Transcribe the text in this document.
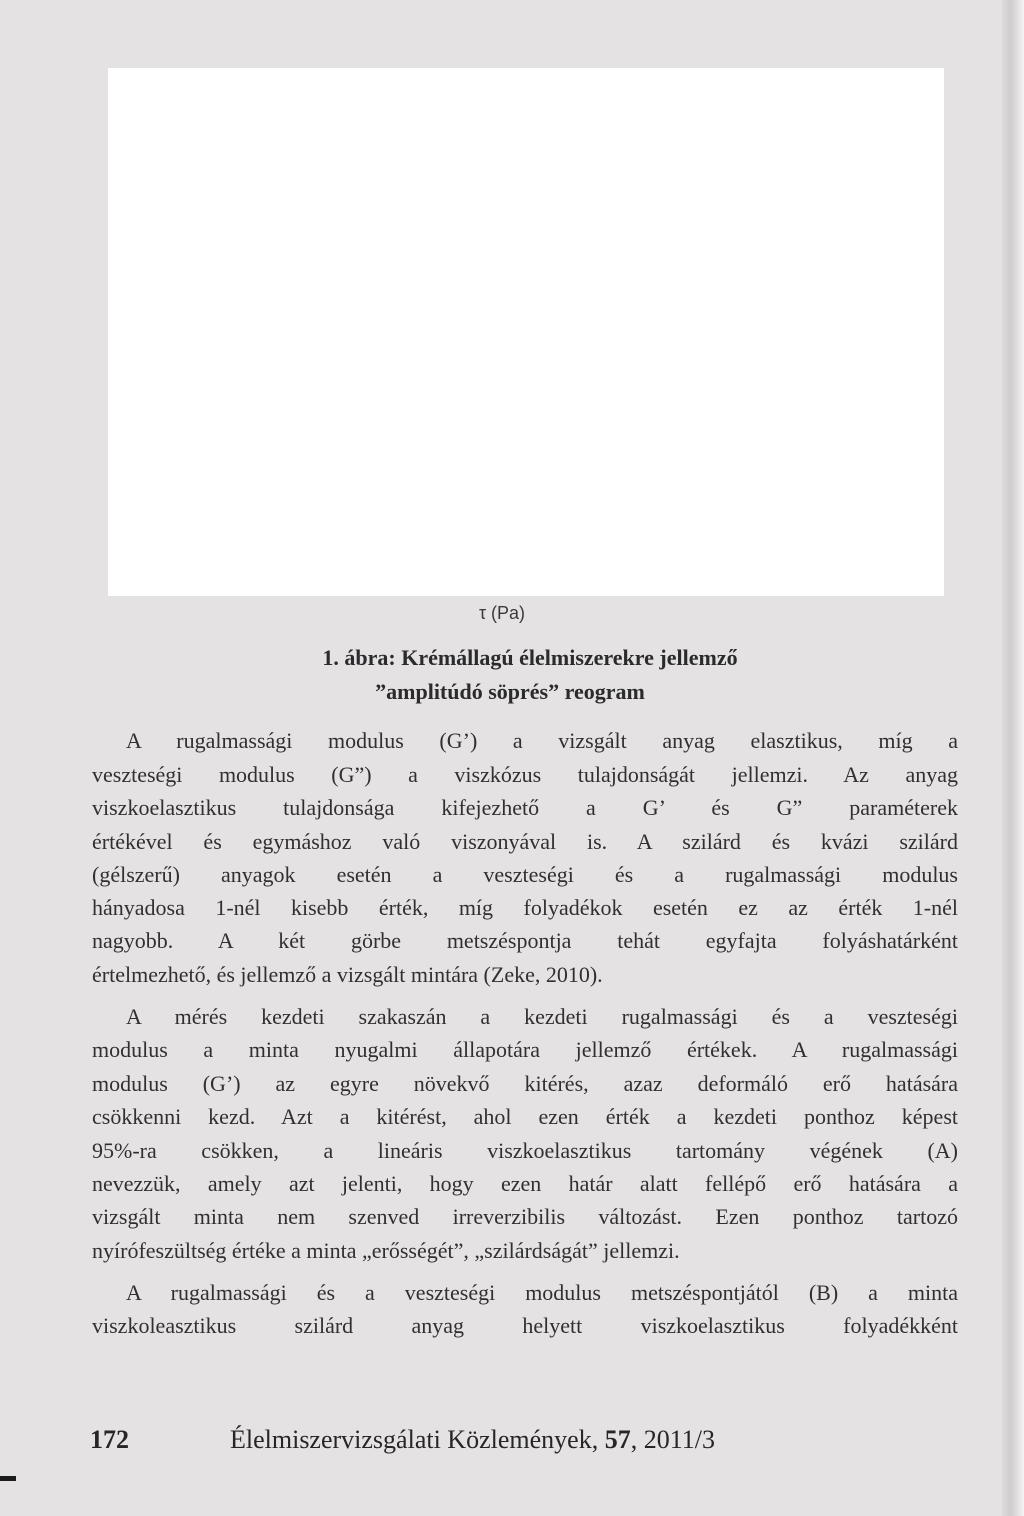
τ (Pa)
1. ábra: Krémállagú élelmiszerekre jellemző
”amplitúdó söprés” reogram
A rugalmassági modulus (G’) a vizsgált anyag elasztikus, míg a
veszteségi modulus (G”) a viszkózus tulajdonságát jellemzi. Az anyag
viszkoelasztikus tulajdonsága kifejezhető a G’ és G” paraméterek
értékével és egymáshoz való viszonyával is. A szilárd és kvázi szilárd
(gélszerű) anyagok esetén a veszteségi és a rugalmassági modulus
hányadosa 1-nél kisebb érték, míg folyadékok esetén ez az érték 1-nél
nagyobb. A két görbe metszéspontja tehát egyfajta folyáshatárként
értelmezhető, és jellemző a vizsgált mintára (Zeke, 2010).
A mérés kezdeti szakaszán a kezdeti rugalmassági és a veszteségi
modulus a minta nyugalmi állapotára jellemző értékek. A rugalmassági
modulus (G’) az egyre növekvő kitérés, azaz deformáló erő hatására
csökkenni kezd. Azt a kitérést, ahol ezen érték a kezdeti ponthoz képest
95%-ra csökken, a lineáris viszkoelasztikus tartomány végének (A)
nevezzük, amely azt jelenti, hogy ezen határ alatt fellépő erő hatására a
vizsgált minta nem szenved irreverzibilis változást. Ezen ponthoz tartozó
nyírófeszültség értéke a minta „erősségét”, „szilárdságát” jellemzi.
A rugalmassági és a veszteségi modulus metszéspontjától (B) a minta
viszkoleasztikus szilárd anyag helyett viszkoelasztikus folyadékként
172	Élelmiszervizsgálati Közlemények, 57, 2011/3
